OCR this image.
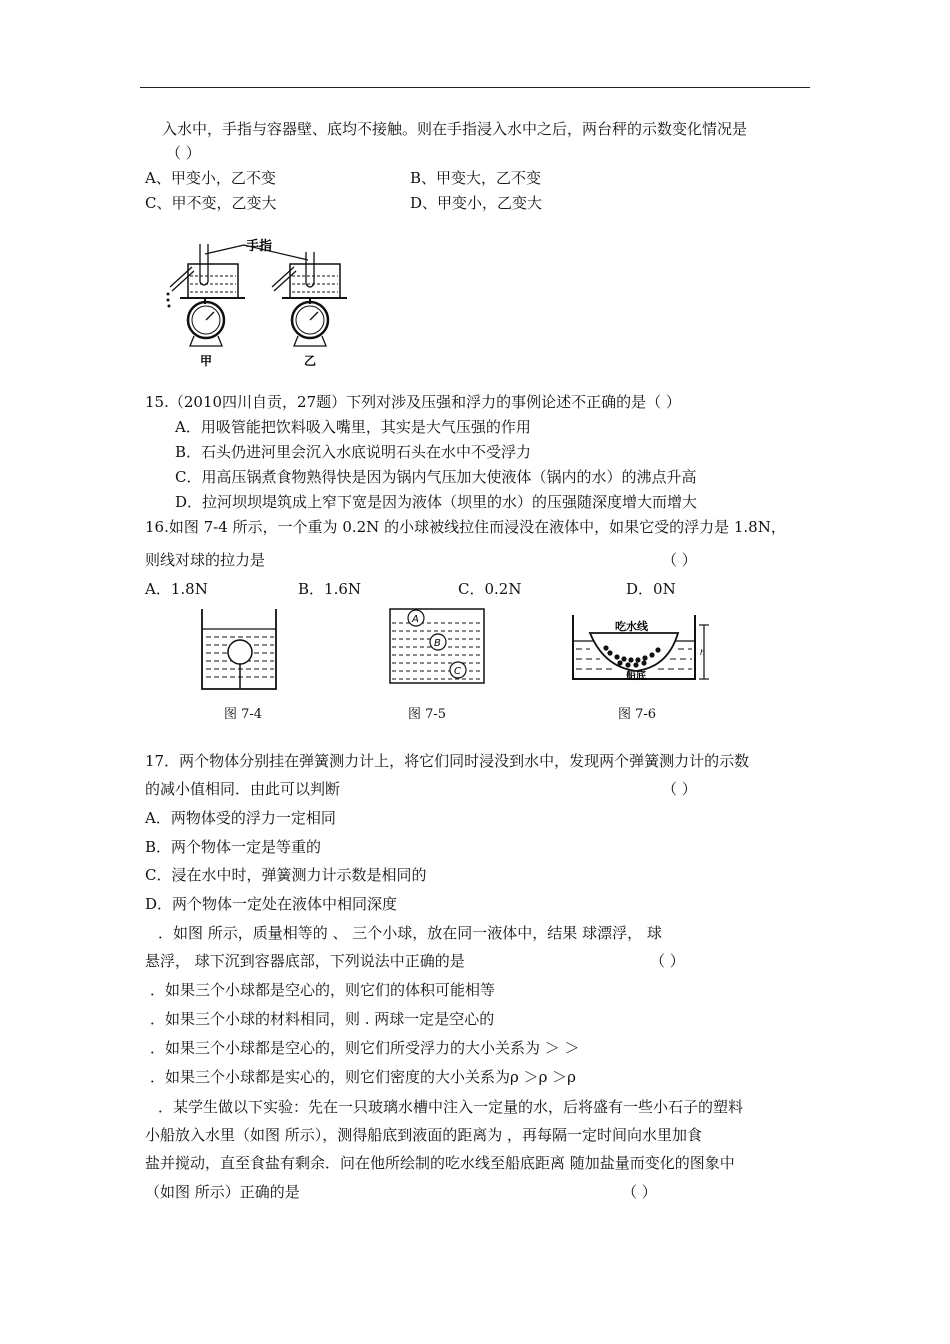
入水中，手指与容器壁、底均不接触。则在手指浸入水中之后，两台秤的示数变化情况是
（ ）
A、甲变小，乙不变	B、甲变大，乙不变
C、甲不变，乙变大	D、甲变小，乙变大
手指
甲	乙
15.（2010四川自贡，27题）下列对涉及压强和浮力的事例论述不正确的是（ ）
A．用吸管能把饮料吸入嘴里，其实是大气压强的作用
B．石头仍进河里会沉入水底说明石头在水中不受浮力
C．用高压锅煮食物熟得快是因为锅内气压加大使液体（锅内的水）的沸点升高
D．拉河坝坝堤筑成上窄下宽是因为液体（坝里的水）的压强随深度增大而增大
16.如图 7-4 所示，一个重为 0.2N 的小球被线拉住而浸没在液体中，如果它受的浮力是 1.8N，
则线对球的拉力是	（ ）
A．1.8N	B．1.6N	C．0.2N	D．0N
图 7-4
A
B
C
图 7-5
吃水线
船底
h
图 7-6
17．两个物体分别挂在弹簧测力计上，将它们同时浸没到水中，发现两个弹簧测力计的示数
的减小值相同．由此可以判断	（ ）
A．两物体受的浮力一定相同
B．两个物体一定是等重的
C．浸在水中时，弹簧测力计示数是相同的
D．两个物体一定处在液体中相同深度
．如图 所示，质量相等的 、 三个小球，放在同一液体中，结果 球漂浮， 球
悬浮， 球下沉到容器底部，下列说法中正确的是	（ ）
．如果三个小球都是空心的，则它们的体积可能相等
．如果三个小球的材料相同，则 . 两球一定是空心的
．如果三个小球都是空心的，则它们所受浮力的大小关系为 ＞ ＞
．如果三个小球都是实心的，则它们密度的大小关系为ρ ＞ρ ＞ρ
．某学生做以下实验：先在一只玻璃水槽中注入一定量的水，后将盛有一些小石子的塑料
小船放入水里（如图 所示），测得船底到液面的距离为 ，再每隔一定时间向水里加食
盐并搅动，直至食盐有剩余．问在他所绘制的吃水线至船底距离 随加盐量而变化的图象中
（如图 所示）正确的是	（ ）
